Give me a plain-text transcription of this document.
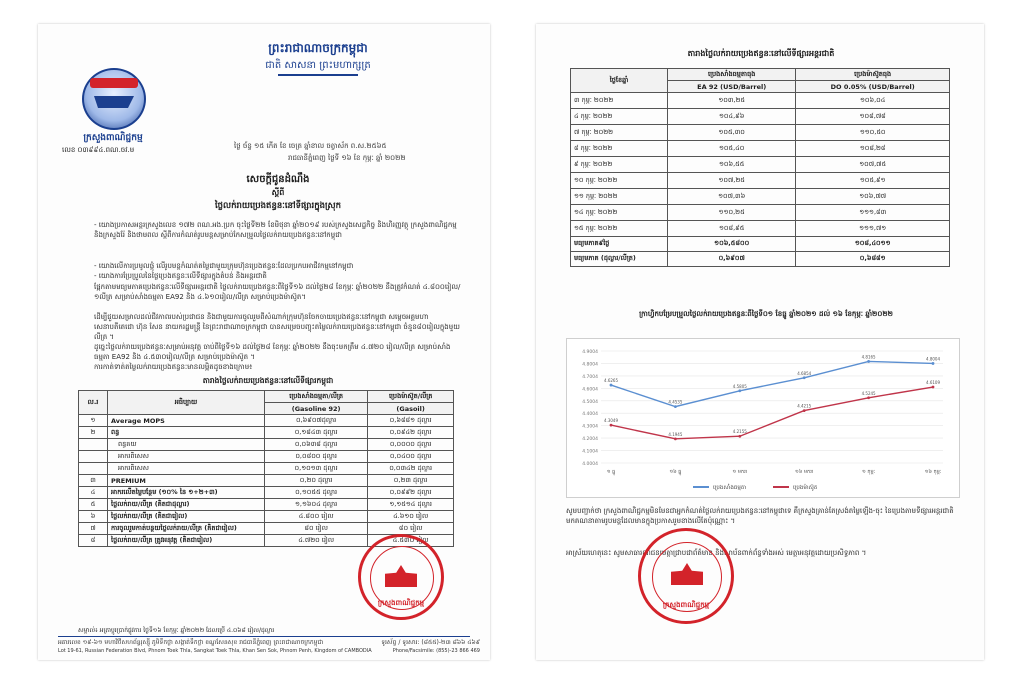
ព្រះរាជាណាចក្រកម្ពុជា
ជាតិ សាសនា ព្រះមហាក្សត្រ
ក្រសួងពាណិជ្ជកម្ម
លេខ ០៣៩៩៤.ពណ.ចវ.ម	ថ្ងៃ ច័ន្ទ ១៥ កើត ខែ ចេត្រ ឆ្នាំខាល ចត្វាស័ក ព.ស.២៥៦៥
រាជធានីភ្នំពេញ ថ្ងៃទី ១៦ ខែ កុម្ភៈ ឆ្នាំ ២០២២
សេចក្តីជូនដំណឹង
ស្តីពី
ថ្លៃលក់រាយប្រេងឥន្ធនៈនៅទីផ្សារក្នុងស្រុក
- យោងប្រកាសអន្តរក្រសួងលេខ ១៧២ ពណ.អង.ប្រក ចុះថ្ងៃទី២២ ខែមិថុនា ឆ្នាំ២០១៩ របស់ក្រសួងសេដ្ឋកិច្ច និងហិរញ្ញវត្ថុ ក្រសួងពាណិជ្ជកម្ម និងក្រសួងរ៉ែ និងថាមពល ស្តីពីការកំណត់រូបមន្តសម្រាប់កែសម្រួលថ្លៃលក់រាយប្រេងឥន្ធនៈនៅកម្ពុជា
- យោងលើការប្រមូលផ្តុំ លើរូបមន្តកំណត់តម្លៃជាមួយក្រុមហ៊ុនប្រេងឥន្ធនៈដែលប្រកបអាជីវកម្មនៅកម្ពុជា
- យោងការប្រែប្រួលនៃថ្លៃប្រេងឥន្ធនៈលើទីផ្សារក្នុងតំបន់ និងអន្តរជាតិ
ផ្អែកតាមមធ្យមភាគប្រេងឥន្ធនៈលើទីផ្សារអន្តរជាតិ ថ្លៃលក់រាយប្រេងឥន្ធនៈពីថ្ងៃទី១៦ ដល់ថ្ងៃ២៨ ខែកុម្ភៈ ឆ្នាំ២០២២ នឹងត្រូវកំណត់ ៤.៨០០រៀល/១លីត្រ សម្រាប់សាំងធម្មតា EA92 និង ៤.៦១០រៀល/លីត្រ សម្រាប់ប្រេងម៉ាស៊ូត។
ដើម្បីជួយសម្រាលដល់ជីវភាពរបស់ប្រជាជន និងជាមួយការចូលរួមពីសំណាក់ក្រុមហ៊ុនចែកចាយប្រេងឥន្ធនៈនៅកម្ពុជា សម្តេចអគ្គមហាសេនាបតីតេជោ ហ៊ុន សែន នាយករដ្ឋមន្ត្រី នៃព្រះរាជាណាចក្រកម្ពុជា បានសម្រេចបញ្ចុះតម្លៃលក់រាយប្រេងឥន្ធនៈនៅកម្ពុជា ចំនួន៨០រៀលក្នុងមួយលីត្រ ។
ដូច្នេះថ្លៃលក់រាយប្រេងឥន្ធនៈសម្រាប់អនុវត្ត ចាប់ពីថ្ងៃទី១៦ ដល់ថ្ងៃ២៨ ខែកុម្ភៈ ឆ្នាំ២០២២ នឹងចុះមកត្រឹម ៤.៧២០ រៀល/លីត្រ សម្រាប់សាំងធម្មតា EA92 និង ៤.៥៣០រៀល/លីត្រ សម្រាប់ប្រេងម៉ាស៊ូត ។
ការកាត់ទាត់តម្លៃលក់រាយប្រេងឥន្ធនៈមានលម្អិតដូចខាងក្រោម៖
តារាងថ្លៃលក់រាយប្រេងឥន្ធនៈនៅលើទីផ្សារកម្ពុជា
ល.រ	អធិប្បាយ	ប្រេងសាំងធម្មតា/លីត្រ	ប្រេងម៉ាស៊ូត/លីត្រ
		(Gasoline 92)	(Gasoil)
១	Average MOPS	០,៦៩០៧ដុល្លារ	០,៦៨៨១ ដុល្លារ
២	ពន្ធ	០,១៨៤៣ ដុល្លារ	០,០៩៤២ ដុល្លារ
	ពន្ធគយ	០,០៦៣៨ ដុល្លារ	០,០០០០ ដុល្លារ
	អាករពិសេស	០,០៨០០ ដុល្លារ	០,០៤០០ ដុល្លារ
	អាករពិសេស	០,១០១៣ ដុល្លារ	០,០៣៤២ ដុល្លារ
៣	PREMIUM	០,២០ ដុល្លារ	០,២៣ ដុល្លារ
៤	អាករលើតម្លៃបន្ថែម (១០% នៃ ១+២+៣)	០,១០៥៥ ដុល្លារ	០,០៩៩២ ដុល្លារ
៥	ថ្លៃលក់រាយ/លីត្រ (គិតជាដុល្លារ)	១,១៦០៤ ដុល្លារ	១,១៥១៤ ដុល្លារ
៦	ថ្លៃលក់រាយ/លីត្រ (គិតជារៀល)	៤.៨០០ រៀល	៤.៦១០ រៀល
៧	ការចូលរួមកាត់បន្ថយថ្លៃលក់រាយ/លីត្រ (គិតជារៀល)	៨០ រៀល	៨០ រៀល
៨	ថ្លៃលក់រាយ/លីត្រ ត្រូវអនុវត្ត (គិតជារៀល)	៤.៧២០ រៀល	៤.៥៣០ រៀល
សម្គាល់៖ អត្រាប្តូរប្រាក់ផ្លូវការ ថ្ងៃទី១៦ ខែកុម្ភៈ ឆ្នាំ២០២២ ដែលប្រើ ៤.០៦៨ រៀល/ដុល្លារ
អគារលេខ ១៩-៦១ មហាវិថីសហព័ន្ធរុស្ស៊ី ភូមិទឹកថ្លា សង្កាត់ទឹកថ្លា ខណ្ឌសែនសុខ រាជធានីភ្នំពេញ ព្រះរាជាណាចក្រកម្ពុជា	ទូរស័ព្ទ / ទូរសារ: (៨៥៥)-២៣ ៨៦៦ ៤៦៩
Lot 19-61, Russian Federation Blvd, Phnom Toek Thla, Sangkat Toek Thla, Khan Sen Sok, Phnom Penh, Kingdom of CAMBODIA	Phone/Facsimile: (855)-23 866 469
ក្រសួងពាណិជ្ជកម្ម
តារាងថ្លៃលក់រាយប្រេងឥន្ធនៈនៅលើទីផ្សារអន្តរជាតិ
ថ្ងៃខែឆ្នាំ	ប្រេងសាំងធម្មតាធុង	ប្រេងម៉ាស៊ូតធុង
	EA 92 (USD/Barrel)	DO 0.05% (USD/Barrel)
៣ កុម្ភៈ ២០២២	១០៣,២៥	១០៦,០៤
៤ កុម្ភៈ ២០២២	១០៤,៩៦	១០៨,៧៨
៧ កុម្ភៈ ២០២២	១០៥,៣០	១១០,៥០
៨ កុម្ភៈ ២០២២	១០៥,៤០	១០៨,២៨
៩ កុម្ភៈ ២០២២	១០៦,៥៥	១០៧,៧៥
១០ កុម្ភៈ ២០២២	១០៧,២៥	១០៥,៩១
១១ កុម្ភៈ ២០២២	១០៧,៣៦	១០៦,៧៧
១៤ កុម្ភៈ ២០២២	១១០,២៥	១១១,៨៣
១៥ កុម្ភៈ ២០២២	១០៨,៩៥	១១១,៧១
មធ្យមភាគ៩ថ្ងៃ	១០៦,៥៨០០	១០៨,៤០១១
មធ្យមភាគ (ដុល្លារ/លីត្រ)	០,៦៩០៧	០,៦៨៨១
ក្រាហ្វិកបម្រែបម្រួលថ្លៃលក់រាយប្រេងឥន្ធនៈពីថ្ងៃទី០១ ខែធ្នូ ឆ្នាំ២០២១ ដល់ ១៦ ខែកុម្ភៈ ឆ្នាំ២០២២
4.9004
4.8004
4.7004
4.6004
4.5004
4.4004
4.3004
4.2004
4.1004
4.0004
១ ធ្នូ	១៦ ធ្នូ	១ មករា	១៦ មករា	១ កុម្ភៈ	១៦ កុម្ភៈ
4.6265
4.4535
4.5805
4.6854
4.8165	4.8004
ប្រេងសាំងធម្មតា
4.3049
4.1945
4.2155
4.4215
4.5245
4.6109
ប្រេងម៉ាស៊ូត
សូមបញ្ជាក់ថា ក្រសួងពាណិជ្ជកម្មមិនមែនជាអ្នកកំណត់ថ្លៃលក់រាយប្រេងឥន្ធនៈនៅកម្ពុជាទេ គឺក្រសួងគ្រាន់តែស្រង់តម្លៃឡើង-ចុះ នៃប្រេងតាមទីផ្សារអន្តរជាតិ មកគណនាតាមរូបមន្តដែលមានក្នុងប្រកាសរួមខាងលើតែប៉ុណ្ណោះ ។
អាស្រ័យហេតុនេះ សូមសាធារណជនមេត្តាជ្រាបជាព័ត៌មាន និងស្ថាប័នពាក់ព័ន្ធទាំងអស់ មេត្តាអនុវត្តដោយប្រសិទ្ធភាព ។
ក្រសួងពាណិជ្ជកម្ម
